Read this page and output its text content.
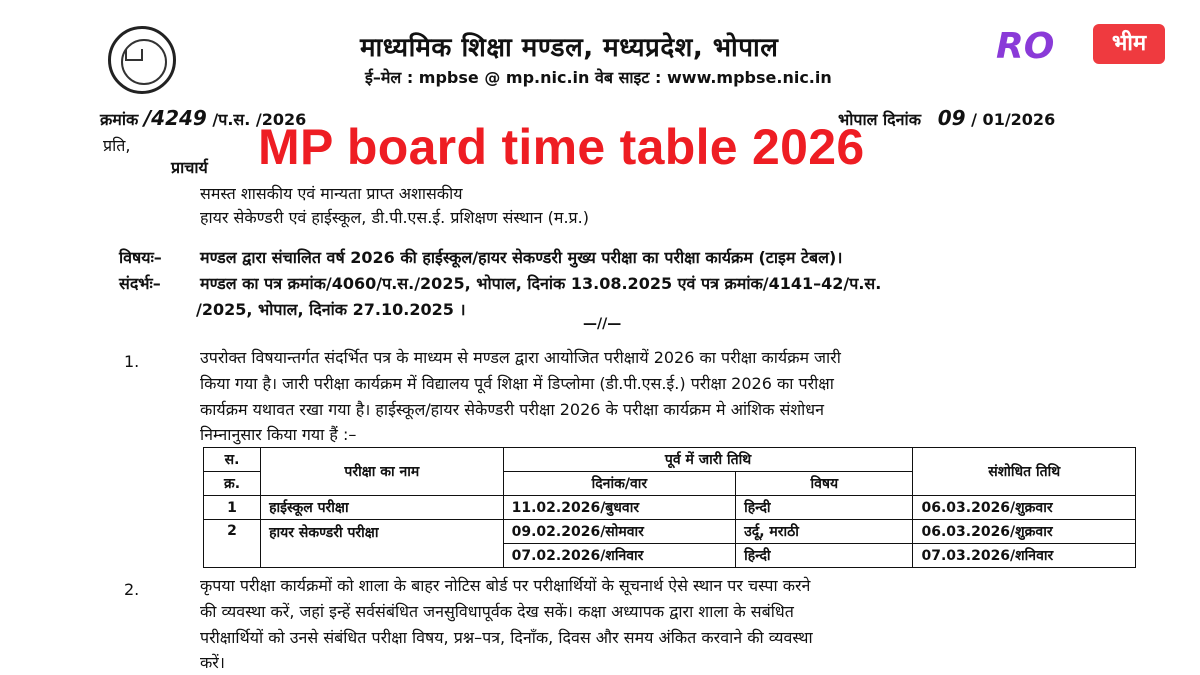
माध्यमिक शिक्षा मण्डल, मध्यप्रदेश, भोपाल
ई–मेल : mpbse @ mp.nic.in वेब साइट : www.mpbse.nic.in
RO	भीम
क्रमांक /4249 /प.स. /2026	भोपाल दिनांक 09 / 01/2026
प्रति,
प्राचार्य
समस्त शासकीय एवं मान्यता प्राप्त अशासकीय
हायर सेकेण्डरी एवं हाईस्कूल, डी.पी.एस.ई. प्रशिक्षण संस्थान (म.प्र.)
MP board time table 2026
विषयः– मण्डल द्वारा संचालित वर्ष 2026 की हाईस्कूल/हायर सेकण्डरी मुख्य परीक्षा का परीक्षा कार्यक्रम (टाइम टेबल)।
संदर्भः– मण्डल का पत्र क्रमांक/4060/प.स./2025, भोपाल, दिनांक 13.08.2025 एवं पत्र क्रमांक/4141–42/प.स.
/2025, भोपाल, दिनांक 27.10.2025 ।
—//—
1.	उपरोक्त विषयान्तर्गत संदर्भित पत्र के माध्यम से मण्डल द्वारा आयोजित परीक्षायें 2026 का परीक्षा कार्यक्रम जारी
किया गया है। जारी परीक्षा कार्यक्रम में विद्यालय पूर्व शिक्षा में डिप्लोमा (डी.पी.एस.ई.) परीक्षा 2026 का परीक्षा
कार्यक्रम यथावत रखा गया है। हाईस्कूल/हायर सेकेण्डरी परीक्षा 2026 के परीक्षा कार्यक्रम मे आंशिक संशोधन
निम्नानुसार किया गया हैं :–
स.	परीक्षा का नाम	पूर्व में जारी तिथि		संशोधित तिथि
क्र.		दिनांक/वार	विषय	
1	हाईस्कूल परीक्षा	11.02.2026/बुधवार	हिन्दी	06.03.2026/शुक्रवार
2	हायर सेकण्डरी परीक्षा	09.02.2026/सोमवार	उर्दू, मराठी	06.03.2026/शुक्रवार
		07.02.2026/शनिवार	हिन्दी	07.03.2026/शनिवार
2.	कृपया परीक्षा कार्यक्रमों को शाला के बाहर नोटिस बोर्ड पर परीक्षार्थियों के सूचनार्थ ऐसे स्थान पर चस्पा करने
की व्यवस्था करें, जहां इन्हें सर्वसंबंधित जनसुविधापूर्वक देख सकें। कक्षा अध्यापक द्वारा शाला के सबंधित
परीक्षार्थियों को उनसे संबंधित परीक्षा विषय, प्रश्न–पत्र, दिनाँक, दिवस और समय अंकित करवाने की व्यवस्था
करें।
